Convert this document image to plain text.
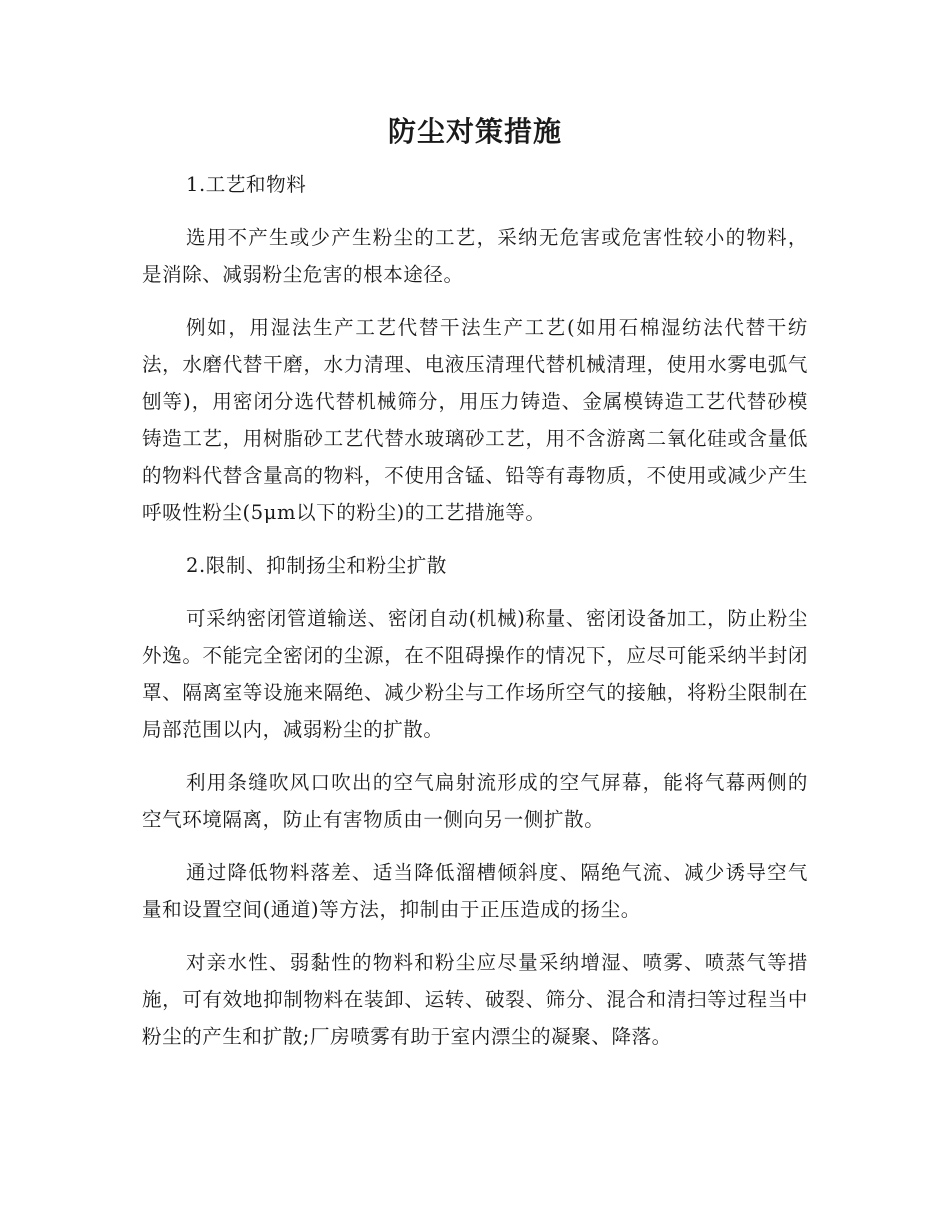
防尘对策措施

1.工艺和物料

选用不产生或少产生粉尘的工艺，采纳无危害或危害性较小的物料，是消除、减弱粉尘危害的根本途径。

例如，用湿法生产工艺代替干法生产工艺(如用石棉湿纺法代替干纺法，水磨代替干磨，水力清理、电液压清理代替机械清理，使用水雾电弧气刨等)，用密闭分选代替机械筛分，用压力铸造、金属模铸造工艺代替砂模铸造工艺，用树脂砂工艺代替水玻璃砂工艺，用不含游离二氧化硅或含量低的物料代替含量高的物料，不使用含锰、铅等有毒物质，不使用或减少产生呼吸性粉尘(5μm以下的粉尘)的工艺措施等。

2.限制、抑制扬尘和粉尘扩散

可采纳密闭管道输送、密闭自动(机械)称量、密闭设备加工，防止粉尘外逸。不能完全密闭的尘源，在不阻碍操作的情况下，应尽可能采纳半封闭罩、隔离室等设施来隔绝、减少粉尘与工作场所空气的接触，将粉尘限制在局部范围以内，减弱粉尘的扩散。

利用条缝吹风口吹出的空气扁射流形成的空气屏幕，能将气幕两侧的空气环境隔离，防止有害物质由一侧向另一侧扩散。

通过降低物料落差、适当降低溜槽倾斜度、隔绝气流、减少诱导空气量和设置空间(通道)等方法，抑制由于正压造成的扬尘。

对亲水性、弱黏性的物料和粉尘应尽量采纳增湿、喷雾、喷蒸气等措施，可有效地抑制物料在装卸、运转、破裂、筛分、混合和清扫等过程当中粉尘的产生和扩散;厂房喷雾有助于室内漂尘的凝聚、降落。
